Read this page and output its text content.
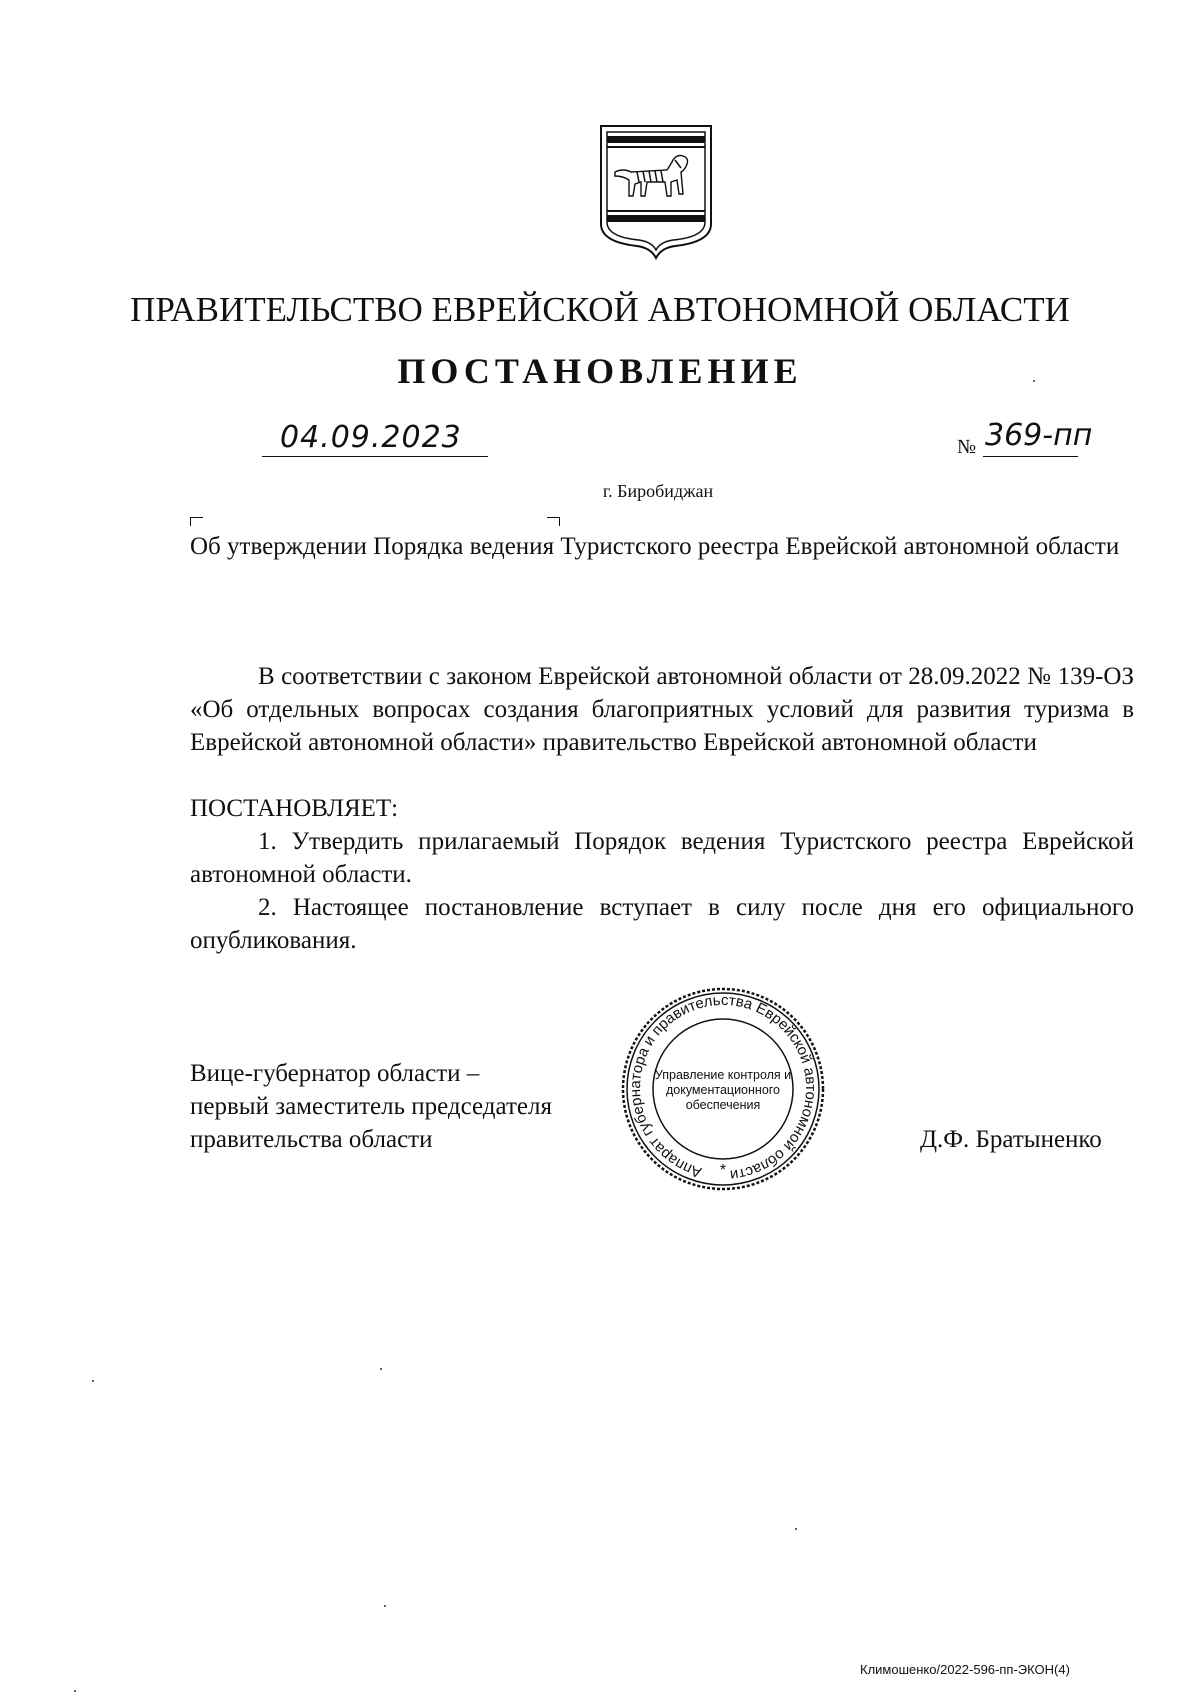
ПРАВИТЕЛЬСТВО ЕВРЕЙСКОЙ АВТОНОМНОЙ ОБЛАСТИ
ПОСТАНОВЛЕНИЕ
04.09.2023	№ 369-пп
г. Биробиджан
Об утверждении Порядка ведения Туристского реестра Еврейской автономной области
В соответствии с законом Еврейской автономной области от 28.09.2022 № 139-ОЗ «Об отдельных вопросах создания благоприятных условий для развития туризма в Еврейской автономной области» правительство Еврейской автономной области
ПОСТАНОВЛЯЕТ:
1. Утвердить прилагаемый Порядок ведения Туристского реестра Еврейской автономной области.
2. Настоящее постановление вступает в силу после дня его официального опубликования.
Вице-губернатор области –
первый заместитель председателя
правительства области	Д.Ф. Братыненко
Аппарат губернатора и правительства Еврейской автономной области
Управление контроля и
документационного
обеспечения
*
Климошенко/2022-596-пп-ЭКОН(4)
